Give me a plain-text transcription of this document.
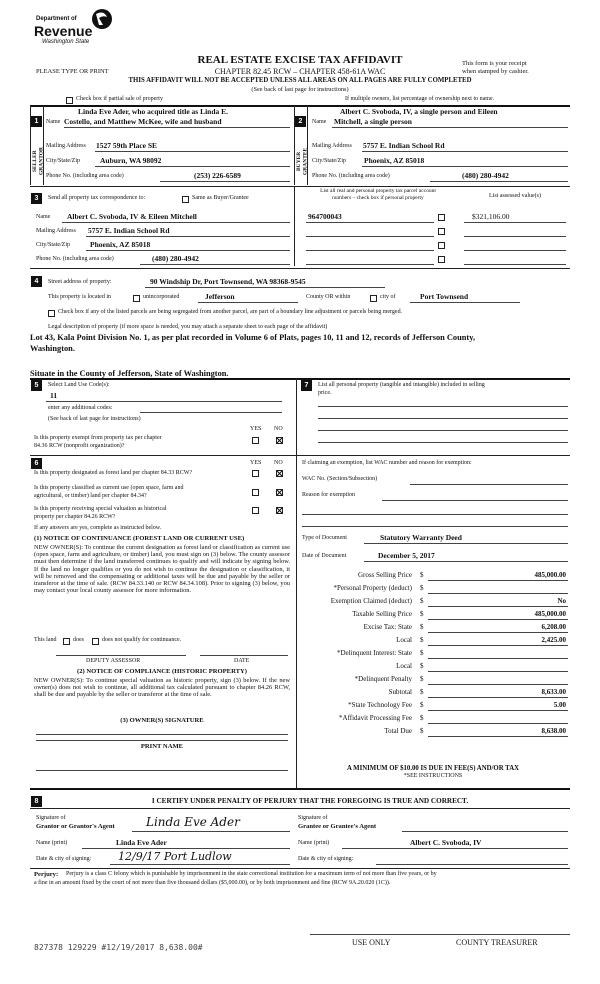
Department of
Revenue
Washington State
REAL ESTATE EXCISE TAX AFFIDAVIT
CHAPTER 82.45 RCW – CHAPTER 458-61A WAC
This form is your receipt
when stamped by cashier.
PLEASE TYPE OR PRINT
THIS AFFIDAVIT WILL NOT BE ACCEPTED UNLESS ALL AREAS ON ALL PAGES ARE FULLY COMPLETED
(See back of last page for instructions)
Check box if partial sale of property	If multiple owners, list percentage of ownership next to name.
1	Name
Linda Eve Ader, who acquired title as Linda E.
Costello, and Matthew McKee, wife and husband
SELLER GRANTOR
Mailing Address 1527 59th Place SE
City/State/Zip	Auburn, WA 98092
Phone No. (including area code)	(253) 226-6589
2	Name
Albert C. Svoboda, IV, a single person and Eileen
Mitchell, a single person
BUYER GRANTEE
Mailing Address 5757 E. Indian School Rd
City/State/Zip Phoenix, AZ 85018
Phone No. (including area code)	(480) 280-4942
3	Send all property tax correspondence to:	Same as Buyer/Grantee
List all real and personal property tax parcel account
numbers – check box if personal property	List assessed value(s)
Name Albert C. Svoboda, IV & Eileen Mitchell
Mailing Address 5757 E. Indian School Rd
City/State/Zip	Phoenix, AZ 85018
Phone No. (including area code)	(480) 280-4942
964700043	$321,106.00
4	Street address of property:	90 Windship Dr, Port Townsend, WA 98368-9545
This property is located in	unincorporated	Jefferson	County OR within	city of	Port Townsend
Check box if any of the listed parcels are being segregated from another parcel, are part of a boundary line adjustment or parcels being merged.
Legal description of property (if more space is needed, you may attach a separate sheet to each page of the affidavit)
Lot 43, Kala Point Division No. 1, as per plat recorded in Volume 6 of Plats, pages 10, 11 and 12, records of Jefferson County,
Washington.
Situate in the County of Jefferson, State of Washington.
5	Select Land Use Code(s):
11
enter any additional codes:
(See back of last page for instructions)
YES NO
Is this property exempt from property tax per chapter
84.36 RCW (nonprofit organization)?
6	YES NO
Is this property designated as forest land per chapter 84.33 RCW?
Is this property classified as current use (open space, farm and
agricultural, or timber) land per chapter 84.34?
Is this property receiving special valuation as historical
property per chapter 84.26 RCW?
If any answers are yes, complete as instructed below.
(1) NOTICE OF CONTINUANCE (FOREST LAND OR CURRENT USE)
NEW OWNER(S): To continue the current designation as forest land or classification as current use (open space, farm and agriculture, or timber) land, you must sign on (3) below. The county assessor must then determine if the land transferred continues to qualify and will indicate by signing below. If the land no longer qualifies or you do not wish to continue the designation or classification, it will be removed and the compensating or additional taxes will be due and payable by the seller or transferor at the time of sale. (RCW 84.33.140 or RCW 84.34.108). Prior to signing (3) below, you may contact your local county assessor for more information.
This land	does	does not qualify for continuance.
DEPUTY ASSESSOR	DATE
(2) NOTICE OF COMPLIANCE (HISTORIC PROPERTY)
NEW OWNER(S): To continue special valuation as historic property, sign (3) below. If the new owner(s) does not wish to continue, all additional tax calculated pursuant to chapter 84.26 RCW, shall be due and payable by the seller or transferor at the time of sale.
(3) OWNER(S) SIGNATURE
PRINT NAME
7	List all personal property (tangible and intangible) included in selling
price.
If claiming an exemption, list WAC number and reason for exemption:
WAC No. (Section/Subsection)
Reason for exemption
Type of Document	Statutory Warranty Deed
Date of Document	December 5, 2017
Gross Selling Price $	485,000.00
*Personal Property (deduct) $
Exemption Claimed (deduct) $	No
Taxable Selling Price $	485,000.00
Excise Tax: State $	6,208.00
Local $	2,425.00
*Delinquent Interest: State $
Local $
*Delinquent Penalty $
Subtotal $	8,633.00
*State Technology Fee $	5.00
*Affidavit Processing Fee $
Total Due $	8,638.00
A MINIMUM OF $10.00 IS DUE IN FEE(S) AND/OR TAX
*SEE INSTRUCTIONS
8	I CERTIFY UNDER PENALTY OF PERJURY THAT THE FOREGOING IS TRUE AND CORRECT.
Signature of
Grantor or Grantor's Agent	Linda Eve Ader	Signature of
Grantee or Grantee's Agent
Name (print)	Linda Eve Ader	Name (print)	Albert C. Svoboda, IV
Date & city of signing: 12/9/17 Port Ludlow	Date & city of signing:
Perjury: Perjury is a class C felony which is punishable by imprisonment in the state correctional institution for a maximum term of not more than five years, or by
a fine in an amount fixed by the court of not more than five thousand dollars ($5,000.00), or by both imprisonment and fine (RCW 9A.20.020 (1C)).
827378 129229 #12/19/2017 8,638.00#
USE ONLY	COUNTY TREASURER
